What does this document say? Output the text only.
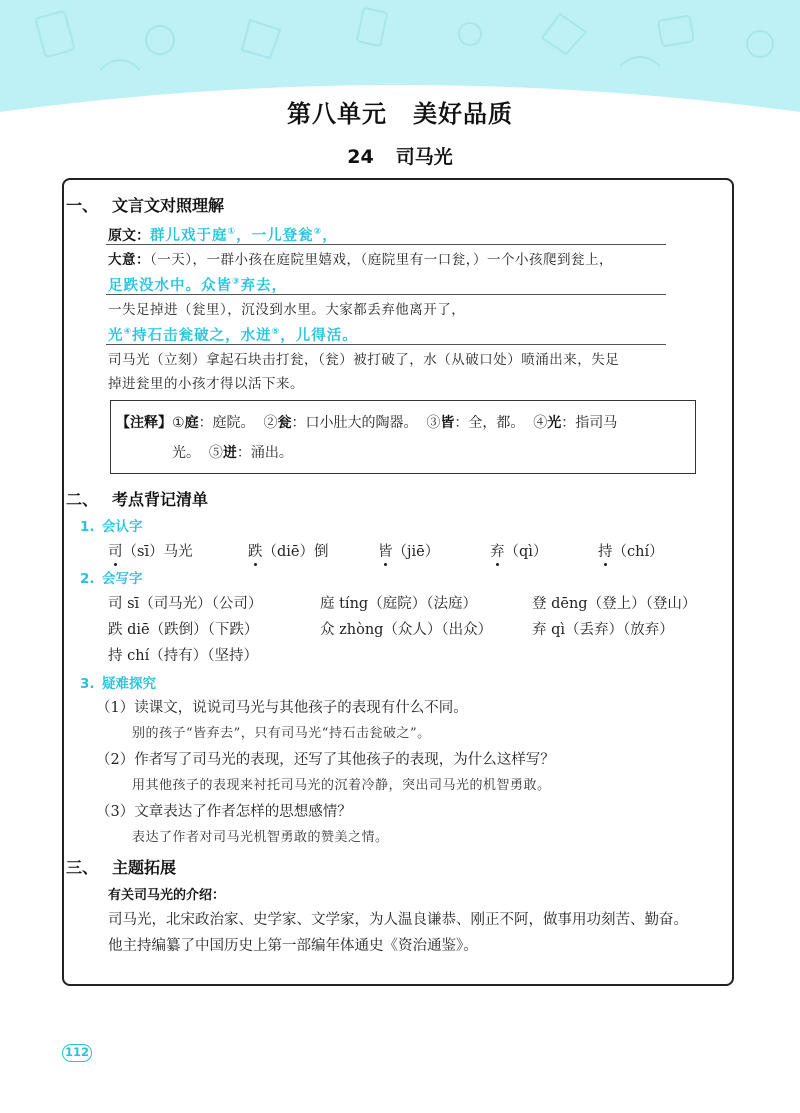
第八单元 美好品质
24 司马光
一、 文言文对照理解
原文：群儿戏于庭①，一儿登瓮②，
大意：（一天），一群小孩在庭院里嬉戏，（庭院里有一口瓮，）一个小孩爬到瓮上，
足跌没水中。众皆③弃去，
一失足掉进（瓮里），沉没到水里。大家都丢弃他离开了，
光④持石击瓮破之，水迸⑤，儿得活。
司马光（立刻）拿起石块击打瓮，（瓮）被打破了，水（从破口处）喷涌出来，失足
掉进瓮里的小孩才得以活下来。
【注释】①庭：庭院。 ②瓮：口小肚大的陶器。 ③皆：全，都。 ④光：指司马
光。 ⑤迸：涌出。
二、 考点背记清单
1. 会认字
司（sī）马光	跌（diē）倒	皆（jiē）	弃（qì）	持（chí）
2. 会写字
司 sī（司马光）（公司）	庭 tíng（庭院）（法庭）	登 dēng（登上）（登山）
跌 diē（跌倒）（下跌）	众 zhòng（众人）（出众）	弃 qì（丢弃）（放弃）
持 chí（持有）（坚持）
3. 疑难探究
（1）读课文，说说司马光与其他孩子的表现有什么不同。
别的孩子“皆弃去”，只有司马光“持石击瓮破之”。
（2）作者写了司马光的表现，还写了其他孩子的表现，为什么这样写？
用其他孩子的表现来衬托司马光的沉着冷静，突出司马光的机智勇敢。
（3）文章表达了作者怎样的思想感情？
表达了作者对司马光机智勇敢的赞美之情。
三、 主题拓展
有关司马光的介绍：
司马光，北宋政治家、史学家、文学家，为人温良谦恭、刚正不阿，做事用功刻苦、勤奋。
他主持编纂了中国历史上第一部编年体通史《资治通鉴》。
112
